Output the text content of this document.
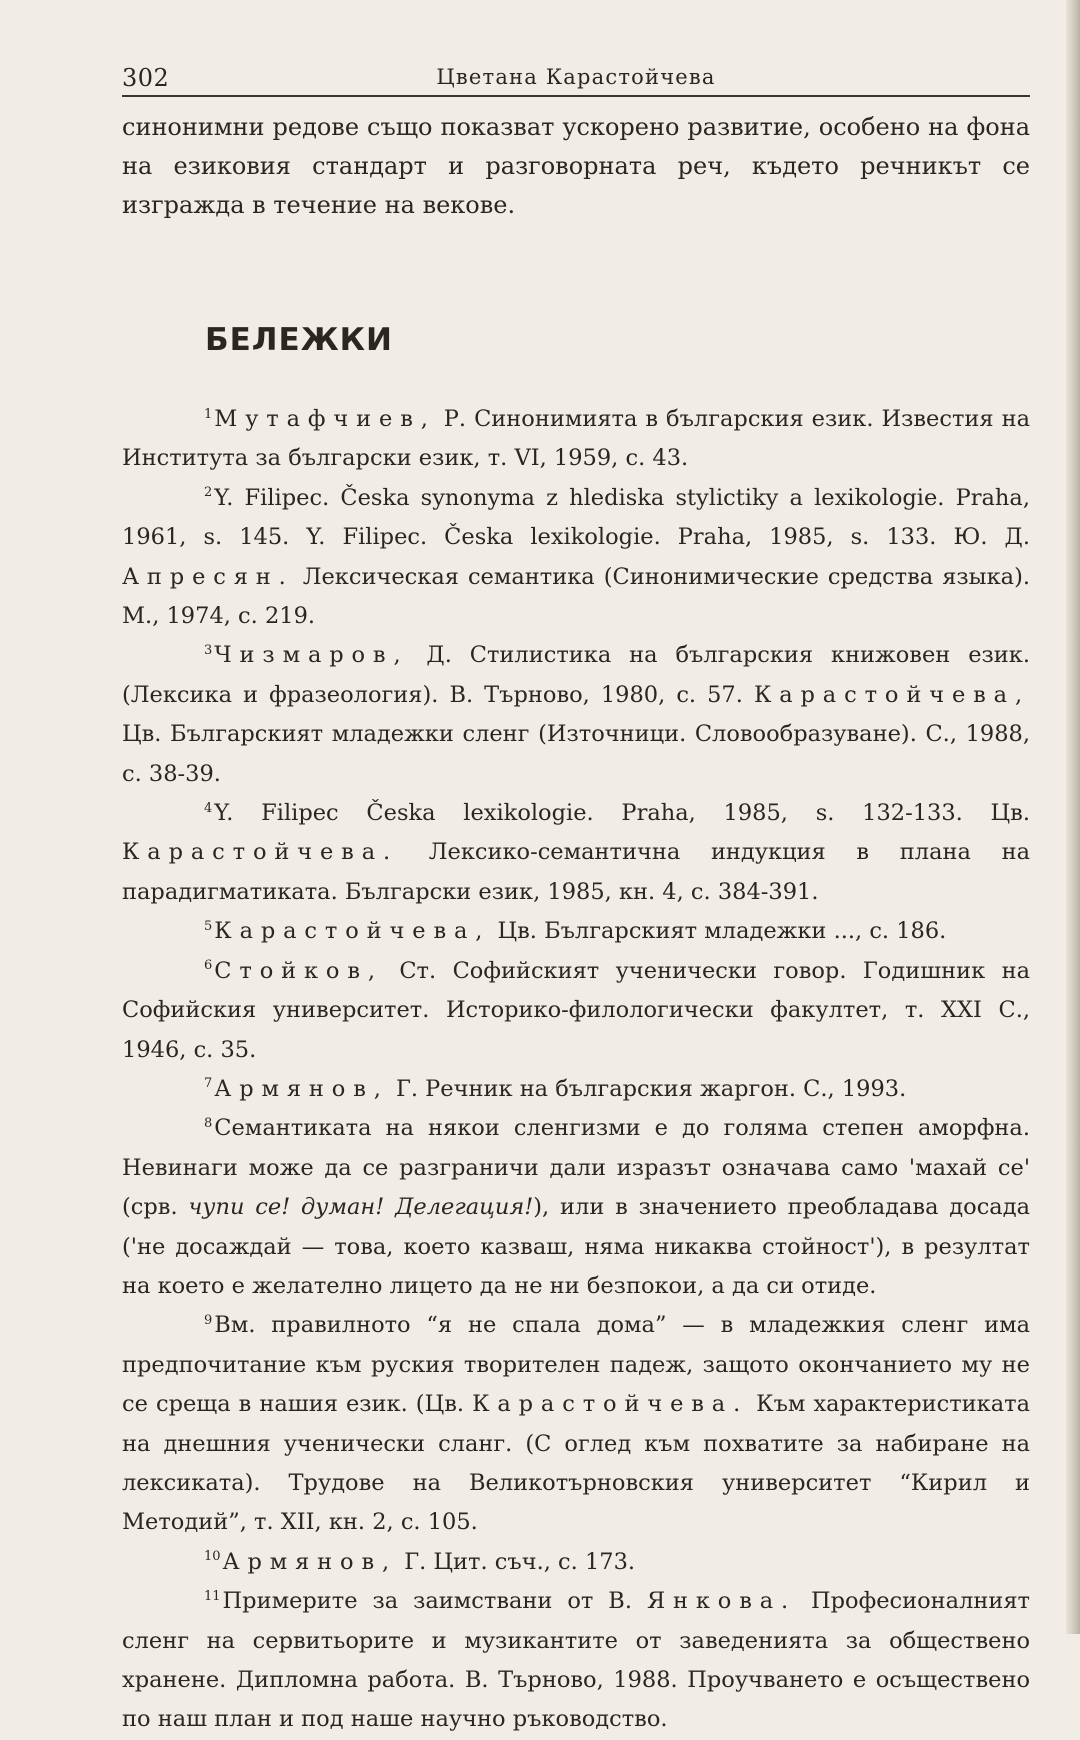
302	Цветана Карастойчева

синонимни редове също показват ускорено развитие, особено на фона на езиковия стандарт и разговорната реч, където речникът се изгражда в течение на векове.

БЕЛЕЖКИ

$^1$Мутафчиев, Р. Синонимията в българския език. Известия на Института за български език, т. VI, 1959, с. 43.

$^2$Y. Filipec. Česka synonyma z hlediska stylictiky a lexikologie. Praha, 1961, s. 145. Y. Filipec. Česka lexikologie. Praha, 1985, s. 133. Ю. Д. Апресян. Лексическая семантика (Синонимические средства языка). М., 1974, с. 219.

$^3$Чизмаров, Д. Стилистика на българския книжовен език. (Лексика и фразеология). В. Търново, 1980, с. 57. Карастойчева, Цв. Българският младежки сленг (Източници. Словообразуване). С., 1988, с. 38-39.

$^4$Y. Filipec Česka lexikologie. Praha, 1985, s. 132-133. Цв. Карастойчева. Лексико-семантична индукция в плана на парадигматиката. Български език, 1985, кн. 4, с. 384-391.

$^5$Карастойчева, Цв. Българският младежки ..., с. 186.

$^6$Стойков, Ст. Софийският ученически говор. Годишник на Софийския университет. Историко-филологически факултет, т. XXI С., 1946, с. 35.

$^7$Армянов, Г. Речник на българския жаргон. С., 1993.

$^8$Семантиката на някои сленгизми е до голяма степен аморфна. Невинаги може да се разграничи дали изразът означава само 'махай се' (срв. чупи се! думан! Делегация!), или в значението преобладава досада ('не досаждай — това, което казваш, няма никаква стойност'), в резултат на което е желателно лицето да не ни безпокои, а да си отиде.

$^9$Вм. правилното “я не спала дома” — в младежкия сленг има предпочитание към руския творителен падеж, защото окончанието му не се среща в нашия език. (Цв. Карастойчева. Към характеристиката на днешния ученически сланг. (С оглед към похватите за набиране на лексиката). Трудове на Великотърновския университет “Кирил и Методий”, т. XII, кн. 2, с. 105.

$^{10}$Армянов, Г. Цит. съч., с. 173.

$^{11}$Примерите за заимствани от В. Янкова. Професионалният сленг на сервитьорите и музикантите от заведенията за обществено хранене. Дипломна работа. В. Търново, 1988. Проучването е осъществено по наш план и под наше научно ръководство.
